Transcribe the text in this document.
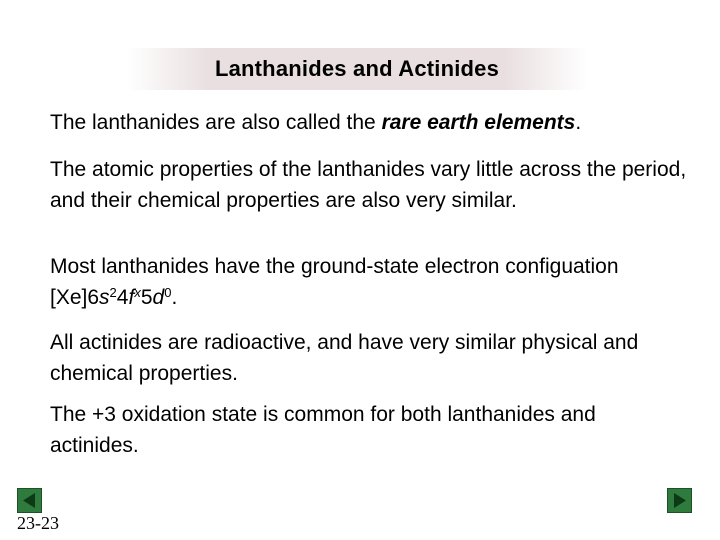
Lanthanides and Actinides
The lanthanides are also called the rare earth elements.
The atomic properties of the lanthanides vary little across the period, and their chemical properties are also very similar.
Most lanthanides have the ground-state electron configuation $[Xe]6s^24f^x5d^0$.
All actinides are radioactive, and have very similar physical and chemical properties.
The +3 oxidation state is common for both lanthanides and actinides.
23-23
